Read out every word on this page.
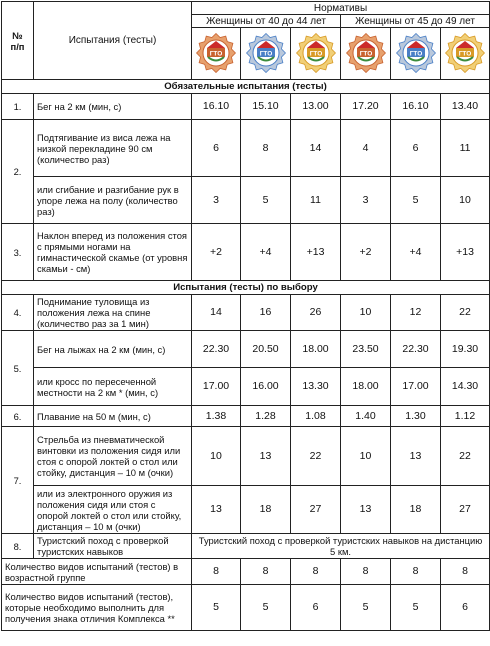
№
п/п	Испытания (тесты)	Нормативы					
		Женщины от 40 до 44 лет			Женщины от 45 до 49 лет		

ГТО	ГТО	ГТО	ГТО	ГТО	ГТО

Обязательные испытания (тесты)							
1.	Бег на 2 км (мин, с)	16.10	15.10	13.00	17.20	16.10	13.40
2.	Подтягивание из виса лежа на низкой перекладине 90 см (количество раз)	6	8	14	4	6	11
	или сгибание и разгибание рук в упоре лежа на полу (количество раз)	3	5	11	3	5	10
3.	Наклон вперед из положения стоя с прямыми ногами на гимнастической скамье (от уровня скамьи - см)	+2	+4	+13	+2	+4	+13
Испытания (тесты) по выбору							
4.	Поднимание туловища из положения лежа на спине (количество раз за 1 мин)	14	16	26	10	12	22
5.	Бег на лыжах на 2 км (мин, с)	22.30	20.50	18.00	23.50	22.30	19.30
	или кросс по пересеченной местности на 2 км * (мин, с)	17.00	16.00	13.30	18.00	17.00	14.30
6.	Плавание на 50 м (мин, с)	1.38	1.28	1.08	1.40	1.30	1.12
7.	Стрельба из пневматической винтовки из положения сидя или стоя с опорой локтей о стол или стойку, дистанция – 10 м (очки)	10	13	22	10	13	22
	или из электронного оружия из положения сидя или стоя с опорой локтей о стол или стойку, дистанция – 10 м (очки)	13	18	27	13	18	27
8.	Туристский поход с проверкой туристских навыков	Туристский поход с проверкой туристских навыков на дистанцию 5 км.					
Количество видов испытаний (тестов) в возрастной группе		8	8	8	8	8	8
Количество видов испытаний (тестов), которые необходимо выполнить для получения знака отличия Комплекса **		5	5	6	5	5	6
